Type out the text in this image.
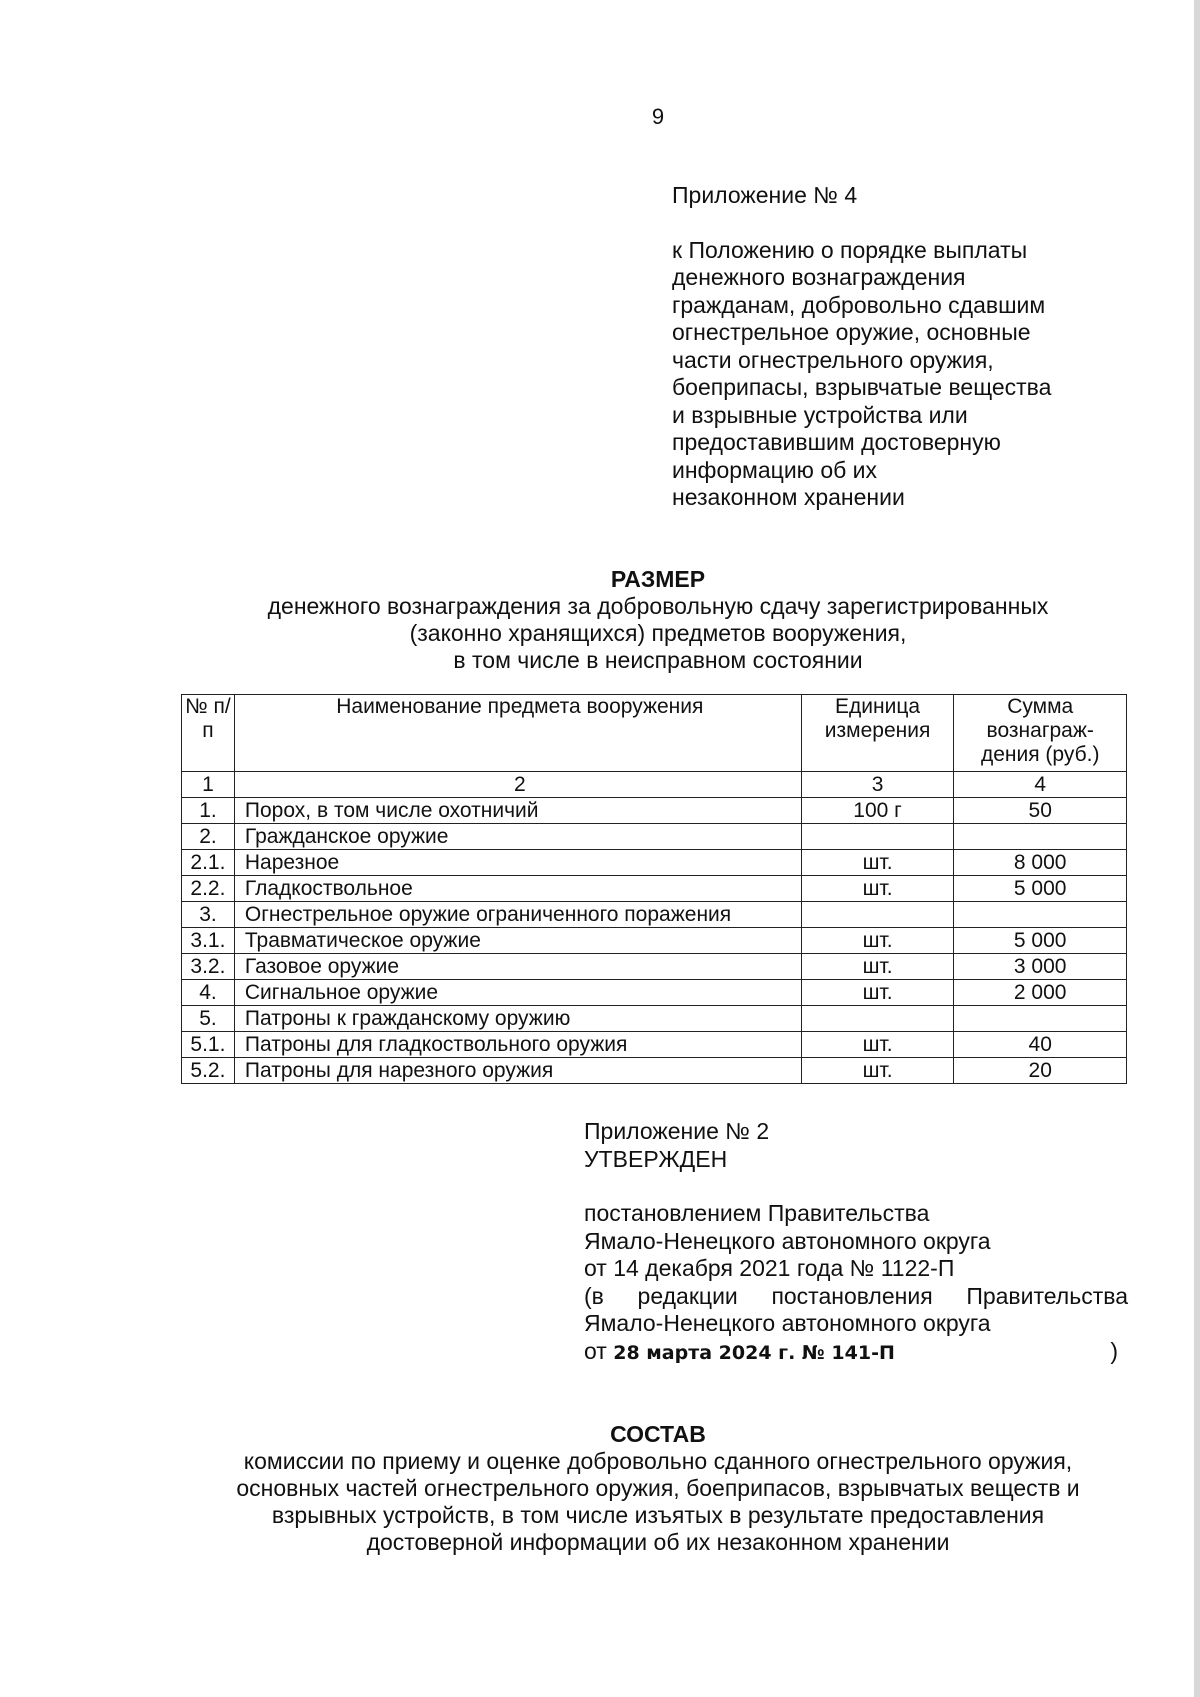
9
Приложение № 4
к Положению о порядке выплаты
денежного вознаграждения
гражданам, добровольно сдавшим
огнестрельное оружие, основные
части огнестрельного оружия,
боеприпасы, взрывчатые вещества
и взрывные устройства или
предоставившим достоверную
информацию об их
незаконном хранении
РАЗМЕР
денежного вознаграждения за добровольную сдачу зарегистрированных
(законно хранящихся) предметов вооружения,
в том числе в неисправном состоянии
№ п/п	Наименование предмета вооружения	Единица измерения	Сумма вознаграж-дения (руб.)
1	2	3	4
1.	Порох, в том числе охотничий	100 г	50
2.	Гражданское оружие		
2.1.	Нарезное	шт.	8 000
2.2.	Гладкоствольное	шт.	5 000
3.	Огнестрельное оружие ограниченного поражения		
3.1.	Травматическое оружие	шт.	5 000
3.2.	Газовое оружие	шт.	3 000
4.	Сигнальное оружие	шт.	2 000
5.	Патроны к гражданскому оружию		
5.1.	Патроны для гладкоствольного оружия	шт.	40
5.2.	Патроны для нарезного оружия	шт.	20
Приложение № 2
УТВЕРЖДЕН
постановлением Правительства
Ямало-Ненецкого автономного округа
от 14 декабря 2021 года № 1122-П
(в редакции постановления Правительства
Ямало-Ненецкого автономного округа
от 28 марта 2024 г. № 141-П	)
СОСТАВ
комиссии по приему и оценке добровольно сданного огнестрельного оружия,
основных частей огнестрельного оружия, боеприпасов, взрывчатых веществ и
взрывных устройств, в том числе изъятых в результате предоставления
достоверной информации об их незаконном хранении
